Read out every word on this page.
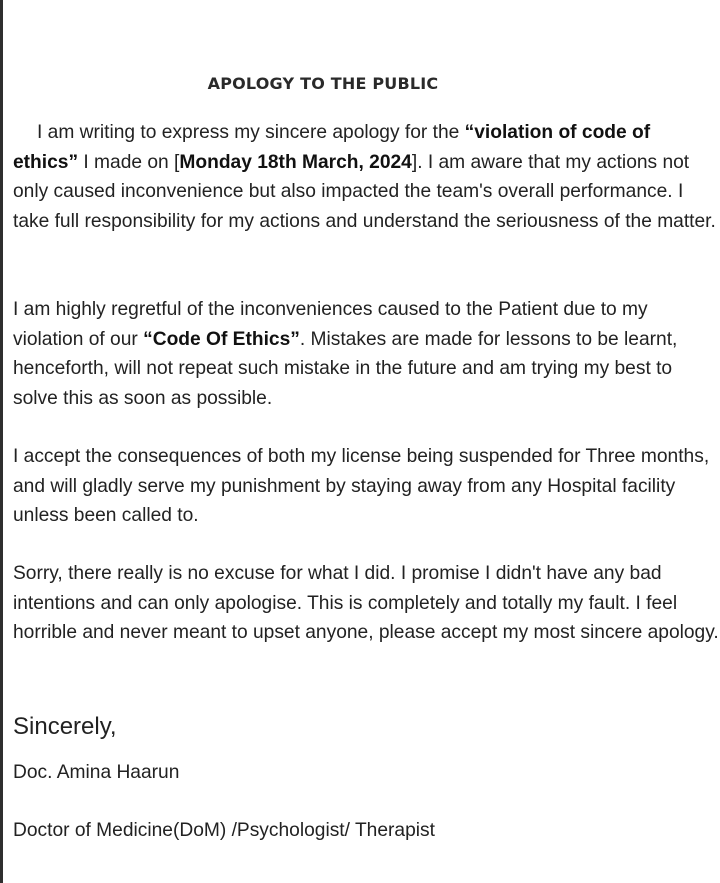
APOLOGY TO THE PUBLIC

I am writing to express my sincere apology for the “violation of code of ethics” I made on [Monday 18th March, 2024]. I am aware that my actions not only caused inconvenience but also impacted the team's overall performance. I take full responsibility for my actions and understand the seriousness of the matter.

I am highly regretful of the inconveniences caused to the Patient due to my violation of our “Code Of Ethics”. Mistakes are made for lessons to be learnt, henceforth, will not repeat such mistake in the future and am trying my best to solve this as soon as possible.

I accept the consequences of both my license being suspended for Three months, and will gladly serve my punishment by staying away from any Hospital facility unless been called to.

Sorry, there really is no excuse for what I did. I promise I didn't have any bad intentions and can only apologise. This is completely and totally my fault. I feel horrible and never meant to upset anyone, please accept my most sincere apology.

Sincerely,
Doc. Amina Haarun
Doctor of Medicine(DoM) /Psychologist/ Therapist
